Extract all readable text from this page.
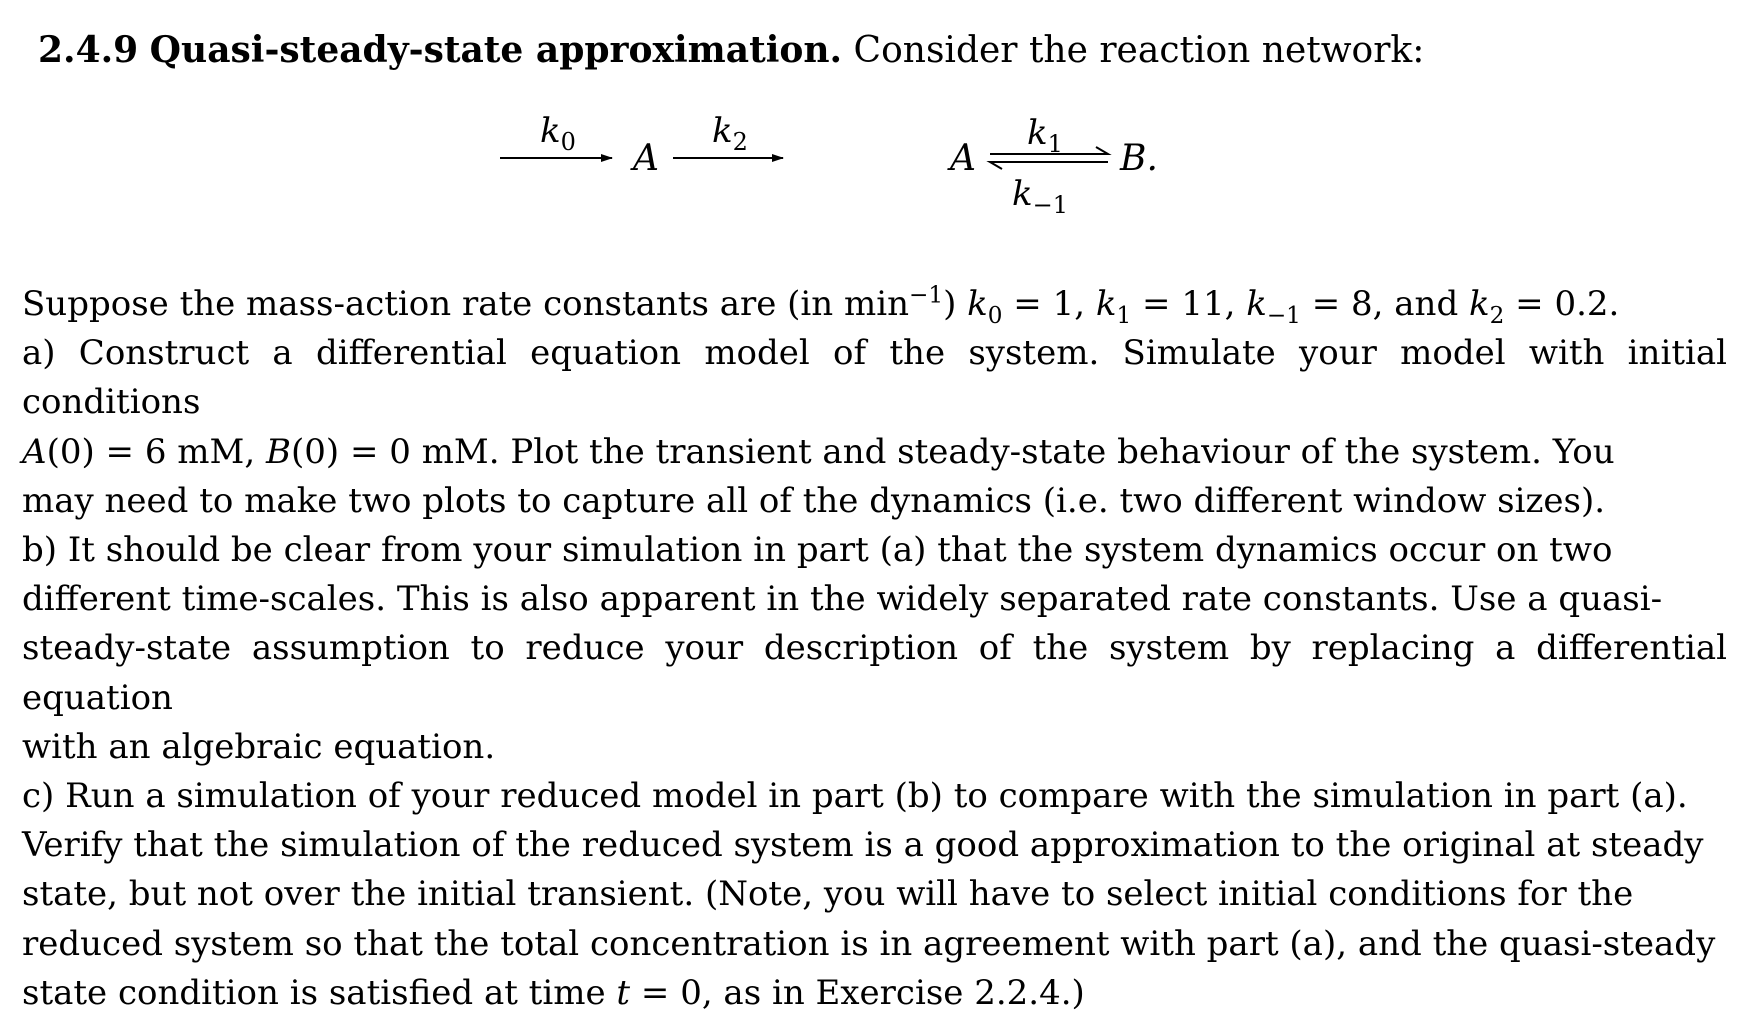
2.4.9 Quasi-steady-state approximation. Consider the reaction network:
$k_0$ A
$k_2$	A
$k_1$
$k_{-1}$
B.
Suppose the mass-action rate constants are (in $\min^{-1}$) $k_0 = 1$, $k_1 = 11$, $k_{-1} = 8$, and $k_2 = 0.2$.
a) Construct a differential equation model of the system. Simulate your model with initial conditions
A(0) = 6 mM, B(0) = 0 mM. Plot the transient and steady-state behaviour of the system. You
may need to make two plots to capture all of the dynamics (i.e. two different window sizes).
b) It should be clear from your simulation in part (a) that the system dynamics occur on two
different time-scales. This is also apparent in the widely separated rate constants. Use a quasi-
steady-state assumption to reduce your description of the system by replacing a differential equation
with an algebraic equation.
c) Run a simulation of your reduced model in part (b) to compare with the simulation in part (a).
Verify that the simulation of the reduced system is a good approximation to the original at steady
state, but not over the initial transient. (Note, you will have to select initial conditions for the
reduced system so that the total concentration is in agreement with part (a), and the quasi-steady
state condition is satisfied at time t = 0, as in Exercise 2.2.4.)
